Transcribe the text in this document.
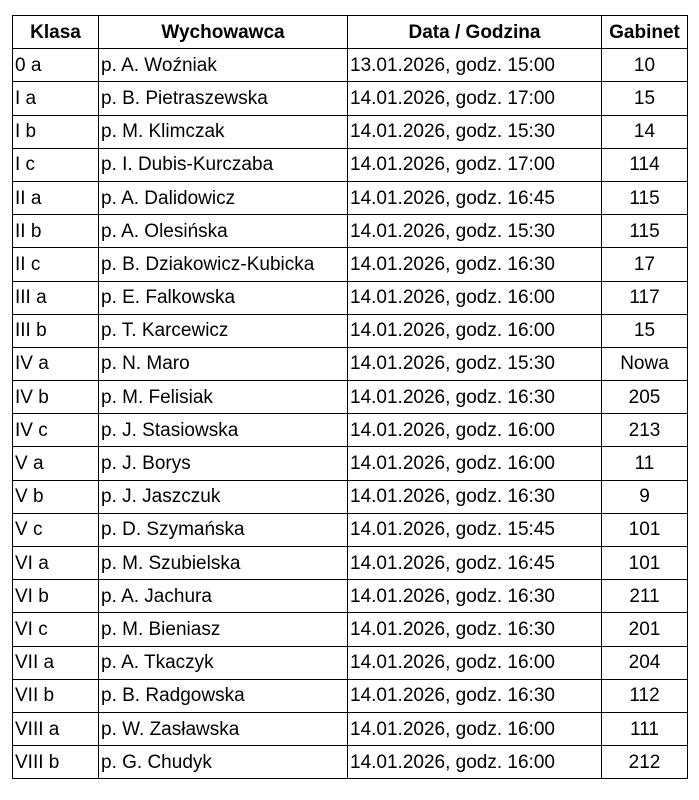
Klasa	Wychowawca	Data / Godzina	Gabinet
0 a	p. A. Woźniak	13.01.2026, godz. 15:00	10
I a	p. B. Pietraszewska	14.01.2026, godz. 17:00	15
I b	p. M. Klimczak	14.01.2026, godz. 15:30	14
I c	p. I. Dubis-Kurczaba	14.01.2026, godz. 17:00	114
II a	p. A. Dalidowicz	14.01.2026, godz. 16:45	115
II b	p. A. Olesińska	14.01.2026, godz. 15:30	115
II c	p. B. Dziakowicz-Kubicka	14.01.2026, godz. 16:30	17
III a	p. E. Falkowska	14.01.2026, godz. 16:00	117
III b	p. T. Karcewicz	14.01.2026, godz. 16:00	15
IV a	p. N. Maro	14.01.2026, godz. 15:30	Nowa
IV b	p. M. Felisiak	14.01.2026, godz. 16:30	205
IV c	p. J. Stasiowska	14.01.2026, godz. 16:00	213
V a	p. J. Borys	14.01.2026, godz. 16:00	11
V b	p. J. Jaszczuk	14.01.2026, godz. 16:30	9
V c	p. D. Szymańska	14.01.2026, godz. 15:45	101
VI a	p. M. Szubielska	14.01.2026, godz. 16:45	101
VI b	p. A. Jachura	14.01.2026, godz. 16:30	211
VI c	p. M. Bieniasz	14.01.2026, godz. 16:30	201
VII a	p. A. Tkaczyk	14.01.2026, godz. 16:00	204
VII b	p. B. Radgowska	14.01.2026, godz. 16:30	112
VIII a	p. W. Zasławska	14.01.2026, godz. 16:00	111
VIII b	p. G. Chudyk	14.01.2026, godz. 16:00	212
